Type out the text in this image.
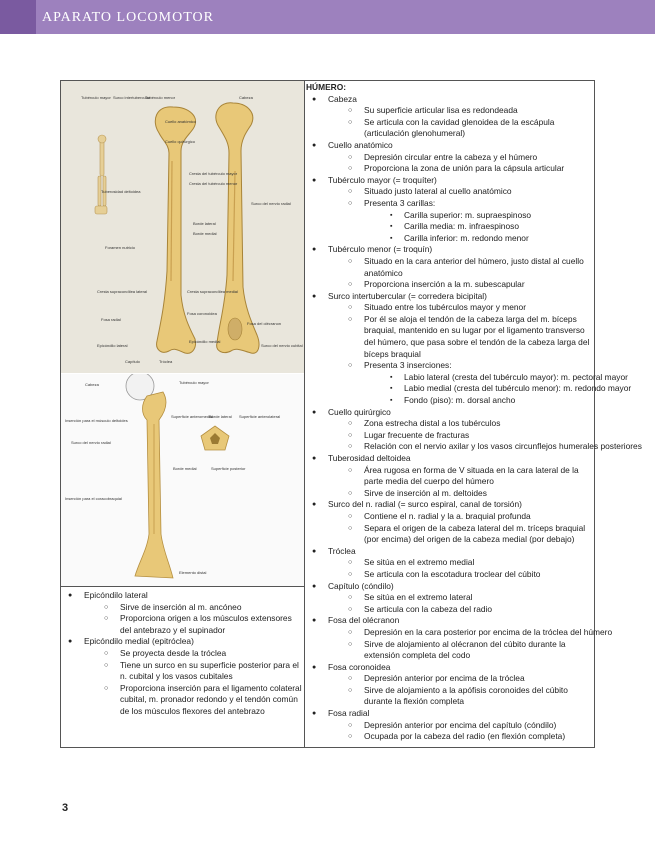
APARATO LOCOMOTOR
Tubérculo mayor Surco intertubercular
Tubérculo menor	Cabeza
Cuello anatómico
Cuello quirúrgico
Tuberosidad deltoidea
Cresta del tubérculo mayor
Cresta del tubérculo menor
Foramen nutricio
Borde lateral
Borde medial
Cresta supracondílea lateral	Cresta supracondílea medial
Fosa radial
Fosa coronoidea
Epicóndilo lateral
Epicóndilo medial
Capítulo	Tróclea
Surco del nervio radial
Fosa del olécranon
Surco del nervio cubital
Cabeza	Tubérculo mayor
Inserción para el músculo deltoides
Superficie anteromedial
Borde lateral Superficie anterolateral
Surco del nervio radial
Borde medial	Superficie posterior
Inserción para el coracobraquial
Elemento distal
HÚMERO:
● Cabeza
○ Su superficie articular lisa es redondeada
○ Se articula con la cavidad glenoidea de la escápula (articulación glenohumeral)
● Cuello anatómico
○ Depresión circular entre la cabeza y el húmero
○ Proporciona la zona de unión para la cápsula articular
● Tubérculo mayor (= troquíter)
○ Situado justo lateral al cuello anatómico
○ Presenta 3 carillas:
▪ Carilla superior: m. supraespinoso
▪ Carilla media: m. infraespinoso
▪ Carilla inferior: m. redondo menor
● Tubérculo menor (= troquín)
○ Situado en la cara anterior del húmero, justo distal al cuello anatómico
○ Proporciona inserción a la m. subescapular
● Surco intertubercular (= corredera bicipital)
○ Situado entre los tubérculos mayor y menor
○ Por él se aloja el tendón de la cabeza larga del m. bíceps braquial, mantenido en su lugar por el ligamento transverso del húmero, que pasa sobre el tendón de la cabeza larga del bíceps braquial
○ Presenta 3 inserciones:
▪ Labio lateral (cresta del tubérculo mayor): m. pectoral mayor
▪ Labio medial (cresta del tubérculo menor): m. redondo mayor
▪ Fondo (piso): m. dorsal ancho
● Cuello quirúrgico
○ Zona estrecha distal a los tubérculos
○ Lugar frecuente de fracturas
○ Relación con el nervio axilar y los vasos circunflejos humerales posteriores
● Tuberosidad deltoidea
○ Área rugosa en forma de V situada en la cara lateral de la parte media del cuerpo del húmero
○ Sirve de inserción al m. deltoides
● Surco del n. radial (= surco espiral, canal de torsión)
○ Contiene el n. radial y la a. braquial profunda
○ Separa el origen de la cabeza lateral del m. tríceps braquial (por encima) del origen de la cabeza medial (por debajo)
● Tróclea
○ Se sitúa en el extremo medial
○ Se articula con la escotadura troclear del cúbito
● Capítulo (cóndilo)
○ Se sitúa en el extremo lateral
○ Se articula con la cabeza del radio
● Fosa del olécranon
○ Depresión en la cara posterior por encima de la tróclea del húmero
○ Sirve de alojamiento al olécranon del cúbito durante la extensión completa del codo
● Fosa coronoidea
○ Depresión anterior por encima de la tróclea
○ Sirve de alojamiento a la apófisis coronoides del cúbito durante la flexión completa
● Fosa radial
○ Depresión anterior por encima del capítulo (cóndilo)
○ Ocupada por la cabeza del radio (en flexión completa)
● Epicóndilo lateral
○ Sirve de inserción al m. ancóneo
○ Proporciona origen a los músculos extensores del antebrazo y el supinador
● Epicóndilo medial (epitróclea)
○ Se proyecta desde la tróclea
○ Tiene un surco en su superficie posterior para el n. cubital y los vasos cubitales
○ Proporciona inserción para el ligamento colateral cubital, m. pronador redondo y el tendón común de los músculos flexores del antebrazo
3
